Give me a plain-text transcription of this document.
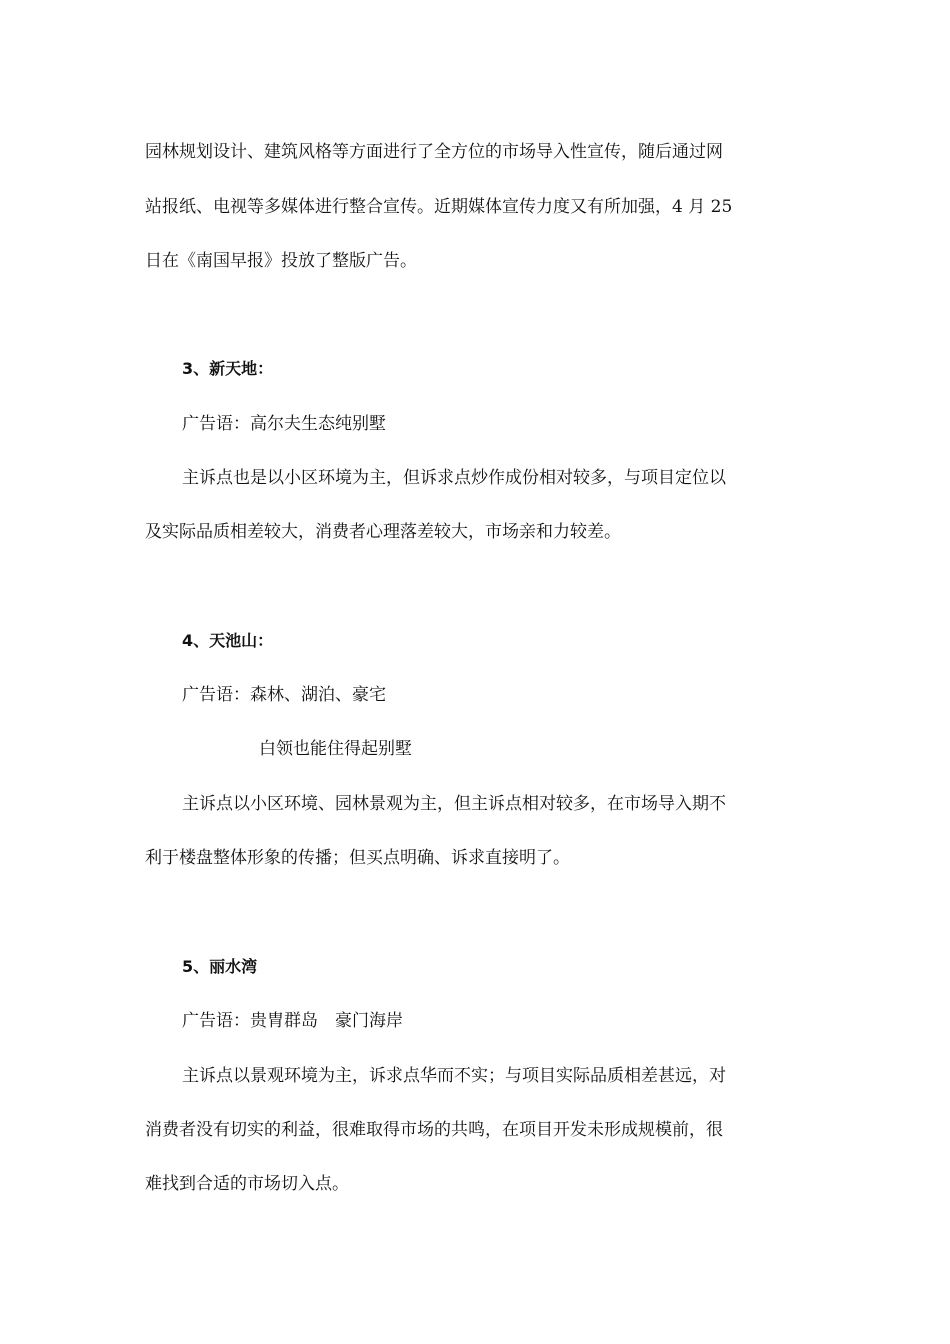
园林规划设计、建筑风格等方面进行了全方位的市场导入性宣传，随后通过网
站报纸、电视等多媒体进行整合宣传。近期媒体宣传力度又有所加强，4 月 25
日在《南国早报》投放了整版广告。
3、新天地：
广告语：高尔夫生态纯别墅
主诉点也是以小区环境为主，但诉求点炒作成份相对较多，与项目定位以
及实际品质相差较大，消费者心理落差较大，市场亲和力较差。
4、天池山：
广告语：森林、湖泊、豪宅
白领也能住得起别墅
主诉点以小区环境、园林景观为主，但主诉点相对较多，在市场导入期不
利于楼盘整体形象的传播；但买点明确、诉求直接明了。
5、丽水湾
广告语：贵胄群岛　豪门海岸
主诉点以景观环境为主，诉求点华而不实；与项目实际品质相差甚远，对
消费者没有切实的利益，很难取得市场的共鸣，在项目开发未形成规模前，很
难找到合适的市场切入点。
